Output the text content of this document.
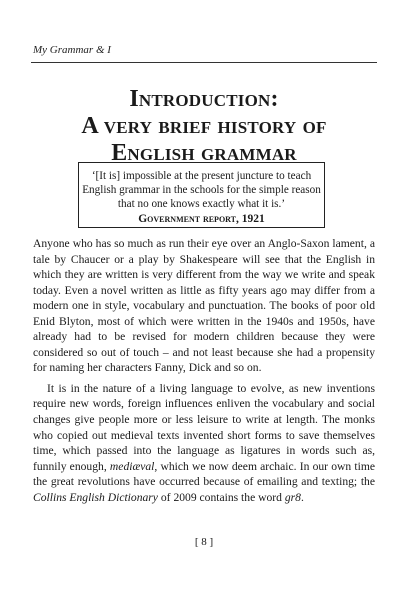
My Grammar & I
Introduction:
A very brief history of
English grammar
‘[It is] impossible at the present juncture to teach
English grammar in the schools for the simple reason
that no one knows exactly what it is.’
Government report, 1921

Anyone who has so much as run their eye over an Anglo-Saxon lament, a tale by Chaucer or a play by Shakespeare will see that the English in which they are written is very different from the way we write and speak today. Even a novel written as little as fifty years ago may differ from a modern one in style, vocabulary and punctuation. The books of poor old Enid Blyton, most of which were written in the 1940s and 1950s, have already had to be revised for modern children because they were considered so out of touch – and not least because she had a propensity for naming her characters Fanny, Dick and so on.

It is in the nature of a living language to evolve, as new inventions require new words, foreign influences enliven the vocabulary and social changes give people more or less leisure to write at length. The monks who copied out medieval texts invented short forms to save themselves time, which passed into the language as ligatures in words such as, funnily enough, mediæval, which we now deem archaic. In our own time the great revolutions have occurred because of emailing and texting; the Collins English Dictionary of 2009 contains the word gr8.

[ 8 ]
